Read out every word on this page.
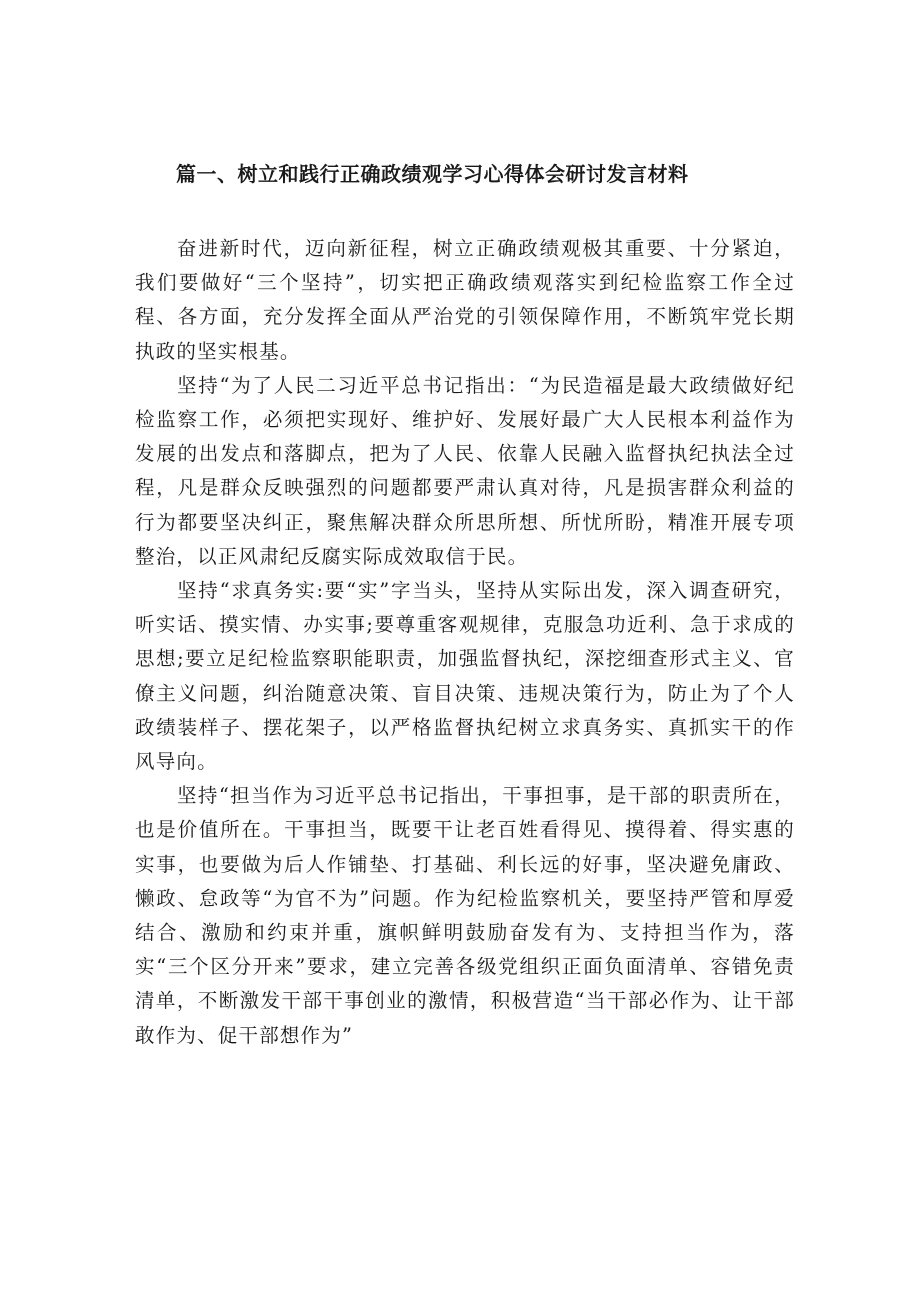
篇一、树立和践行正确政绩观学习心得体会研讨发言材料

奋进新时代，迈向新征程，树立正确政绩观极其重要、十分紧迫，我们要做好“三个坚持”，切实把正确政绩观落实到纪检监察工作全过程、各方面，充分发挥全面从严治党的引领保障作用，不断筑牢党长期执政的坚实根基。

坚持“为了人民二习近平总书记指出：“为民造福是最大政绩做好纪检监察工作，必须把实现好、维护好、发展好最广大人民根本利益作为发展的出发点和落脚点，把为了人民、依靠人民融入监督执纪执法全过程，凡是群众反映强烈的问题都要严肃认真对待，凡是损害群众利益的行为都要坚决纠正，聚焦解决群众所思所想、所忧所盼，精准开展专项整治，以正风肃纪反腐实际成效取信于民。

坚持“求真务实:要“实”字当头，坚持从实际出发，深入调查研究，听实话、摸实情、办实事;要尊重客观规律，克服急功近利、急于求成的思想;要立足纪检监察职能职责，加强监督执纪，深挖细查形式主义、官僚主义问题，纠治随意决策、盲目决策、违规决策行为，防止为了个人政绩装样子、摆花架子，以严格监督执纪树立求真务实、真抓实干的作风导向。

坚持“担当作为习近平总书记指出，干事担事，是干部的职责所在，也是价值所在。干事担当，既要干让老百姓看得见、摸得着、得实惠的实事，也要做为后人作铺垫、打基础、利长远的好事，坚决避免庸政、懒政、怠政等“为官不为”问题。作为纪检监察机关，要坚持严管和厚爱结合、激励和约束并重，旗帜鲜明鼓励奋发有为、支持担当作为，落实“三个区分开来”要求，建立完善各级党组织正面负面清单、容错免责清单，不断激发干部干事创业的激情，积极营造“当干部必作为、让干部敢作为、促干部想作为”
